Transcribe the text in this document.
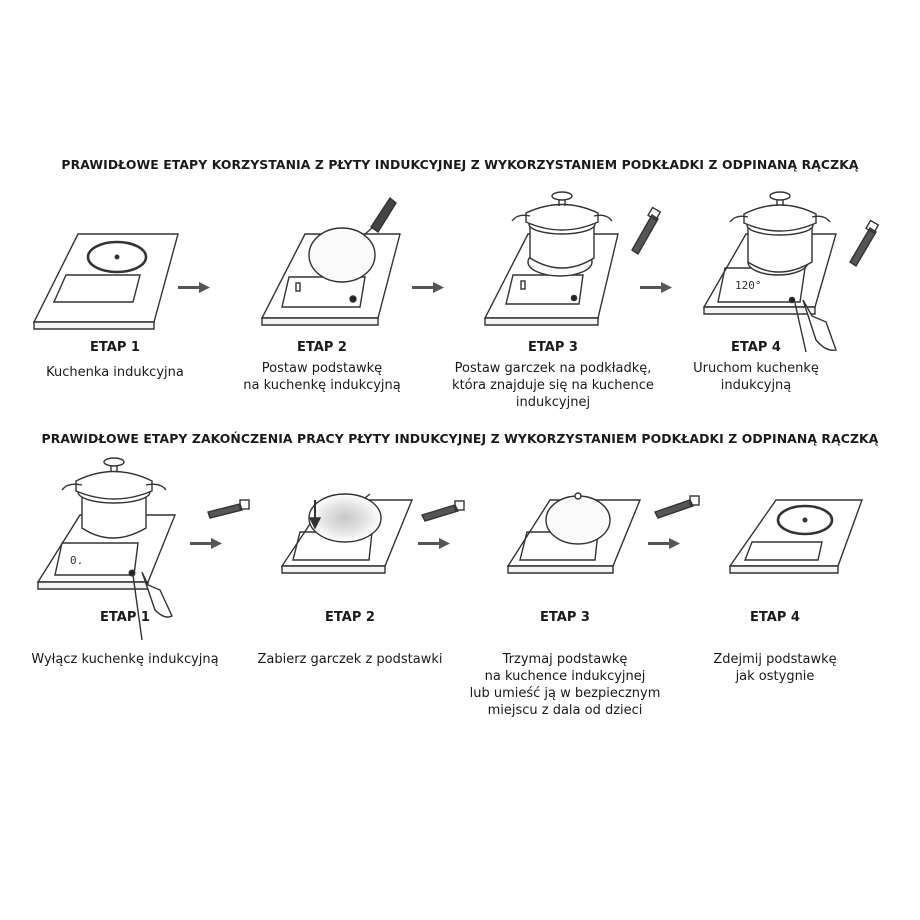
PRAWIDŁOWE ETAPY KORZYSTANIA Z PŁYTY INDUKCYJNEJ Z WYKORZYSTANIEM PODKŁADKI Z ODPINANĄ RĄCZKĄ
PRAWIDŁOWE ETAPY ZAKOŃCZENIA PRACY PŁYTY INDUKCYJNEJ Z WYKORZYSTANIEM PODKŁADKI Z ODPINANĄ RĄCZKĄ
120°
0.
ETAP 1
Kuchenka indukcyjna
ETAP 2
Postaw podstawkę
na kuchenkę indukcyjną
ETAP 3
Postaw garczek na podkładkę,
która znajduje się na kuchence
indukcyjnej
ETAP 4
Uruchom kuchenkę
indukcyjną
ETAP 1
Wyłącz kuchenkę indukcyjną
ETAP 2
Zabierz garczek z podstawki
ETAP 3
Trzymaj podstawkę
na kuchence indukcyjnej
lub umieść ją w bezpiecznym
miejscu z dala od dzieci
ETAP 4
Zdejmij podstawkę
jak ostygnie
